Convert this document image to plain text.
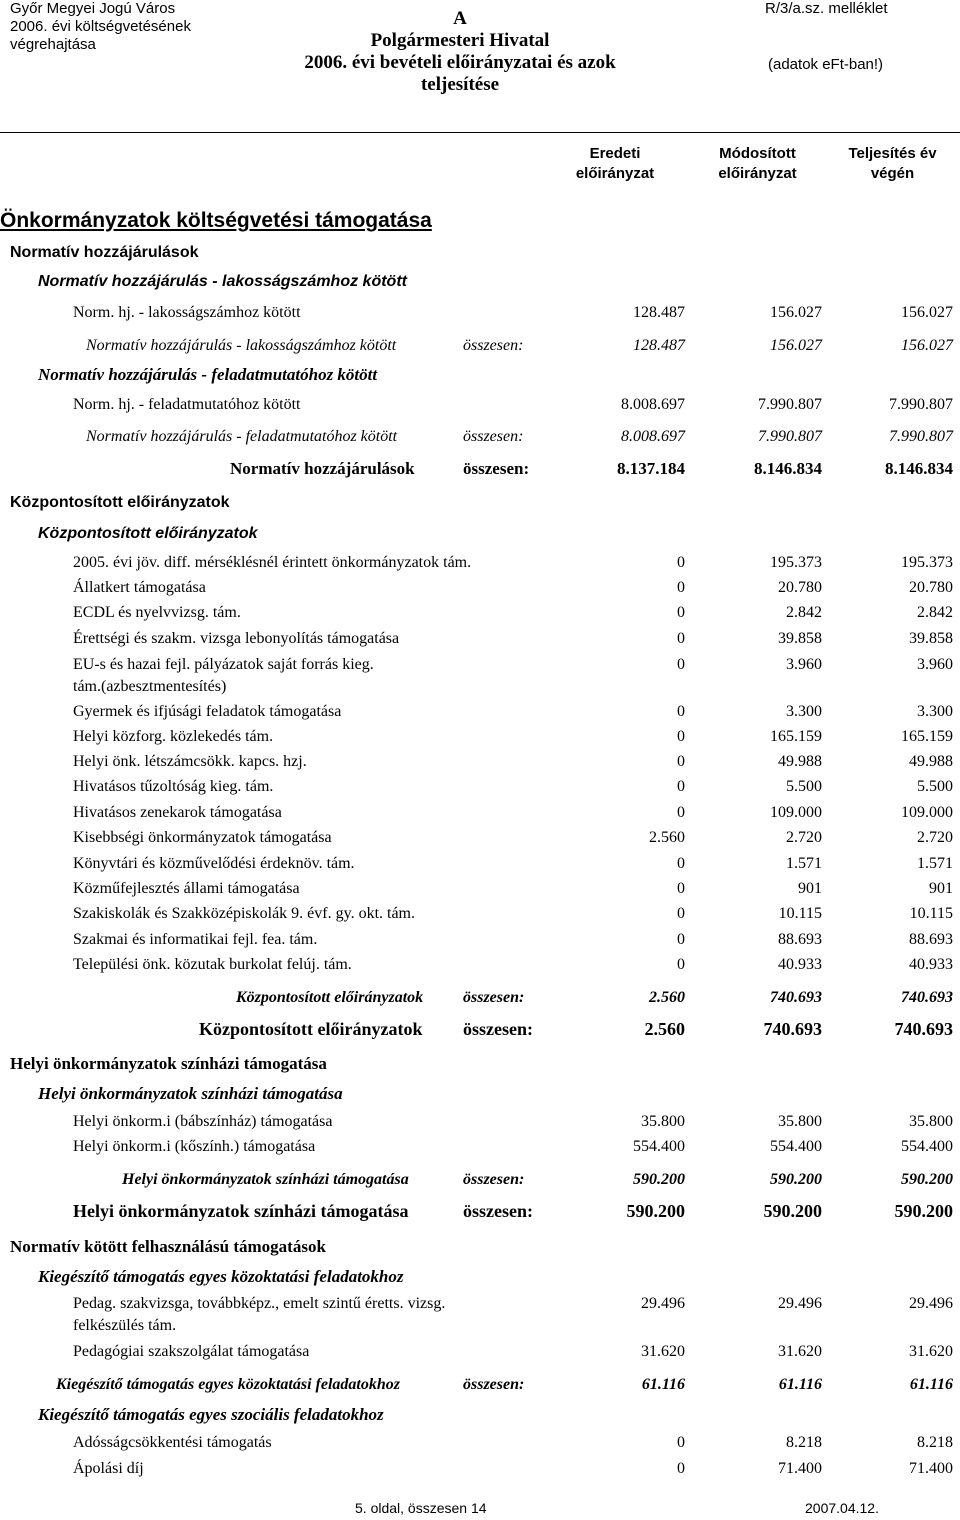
Győr Megyei Jogú Város
2006. évi költségvetésének
végrehajtása
A
Polgármesteri Hivatal
2006. évi bevételi előirányzatai és azok
teljesítése
R/3/a.sz. melléklet
(adatok eFt-ban!)
Eredeti
előirányzat
Módosított
előirányzat
Teljesítés év
végén
Önkormányzatok költségvetési támogatása
Normatív hozzájárulások
Normatív hozzájárulás - lakosságszámhoz kötött
Norm. hj. - lakosságszámhoz kötött	128.487	156.027	156.027
Normatív hozzájárulás - lakosságszámhoz kötött	összesen:	128.487	156.027	156.027
Normatív hozzájárulás - feladatmutatóhoz kötött
Norm. hj. - feladatmutatóhoz kötött	8.008.697	7.990.807	7.990.807
Normatív hozzájárulás - feladatmutatóhoz kötött	összesen:	8.008.697	7.990.807	7.990.807
Normatív hozzájárulások	összesen:	8.137.184	8.146.834	8.146.834
Központosított előirányzatok
Központosított előirányzatok
2005. évi jöv. diff. mérséklésnél érintett önkormányzatok tám.	0	195.373	195.373
Állatkert támogatása	0	20.780	20.780
ECDL és nyelvvizsg. tám.	0	2.842	2.842
Érettségi és szakm. vizsga lebonyolítás támogatása	0	39.858	39.858
EU-s és hazai fejl. pályázatok saját forrás kieg.
tám.(azbesztmentesítés)
0	3.960	3.960
Gyermek és ifjúsági feladatok támogatása	0	3.300	3.300
Helyi közforg. közlekedés tám.	0	165.159	165.159
Helyi önk. létszámcsökk. kapcs. hzj.	0	49.988	49.988
Hivatásos tűzoltóság kieg. tám.	0	5.500	5.500
Hivatásos zenekarok támogatása	0	109.000	109.000
Kisebbségi önkormányzatok támogatása	2.560	2.720	2.720
Könyvtári és közművelődési érdeknöv. tám.	0	1.571	1.571
Közműfejlesztés állami támogatása	0	901	901
Szakiskolák és Szakközépiskolák 9. évf. gy. okt. tám.	0	10.115	10.115
Szakmai és informatikai fejl. fea. tám.	0	88.693	88.693
Települési önk. közutak burkolat felúj. tám.	0	40.933	40.933
Központosított előirányzatok összesen:	2.560	740.693	740.693
Központosított előirányzatok összesen:	2.560	740.693	740.693
Helyi önkormányzatok színházi támogatása
Helyi önkormányzatok színházi támogatása
Helyi önkorm.i (bábszínház) támogatása	35.800	35.800	35.800
Helyi önkorm.i (kőszính.) támogatása	554.400	554.400	554.400
Helyi önkormányzatok színházi támogatása	összesen:	590.200	590.200	590.200
Helyi önkormányzatok színházi támogatása	összesen:	590.200	590.200	590.200
Normatív kötött felhasználású támogatások
Kiegészítő támogatás egyes közoktatási feladatokhoz
Pedag. szakvizsga, továbbképz., emelt szintű éretts. vizsg.
felkészülés tám.
29.496	29.496	29.496
Pedagógiai szakszolgálat támogatása	31.620	31.620	31.620
Kiegészítő támogatás egyes közoktatási feladatokhoz	összesen:	61.116	61.116	61.116
Kiegészítő támogatás egyes szociális feladatokhoz
Adósságcsökkentési támogatás	0	8.218	8.218
Ápolási díj	0	71.400	71.400
5. oldal, összesen 14	2007.04.12.
